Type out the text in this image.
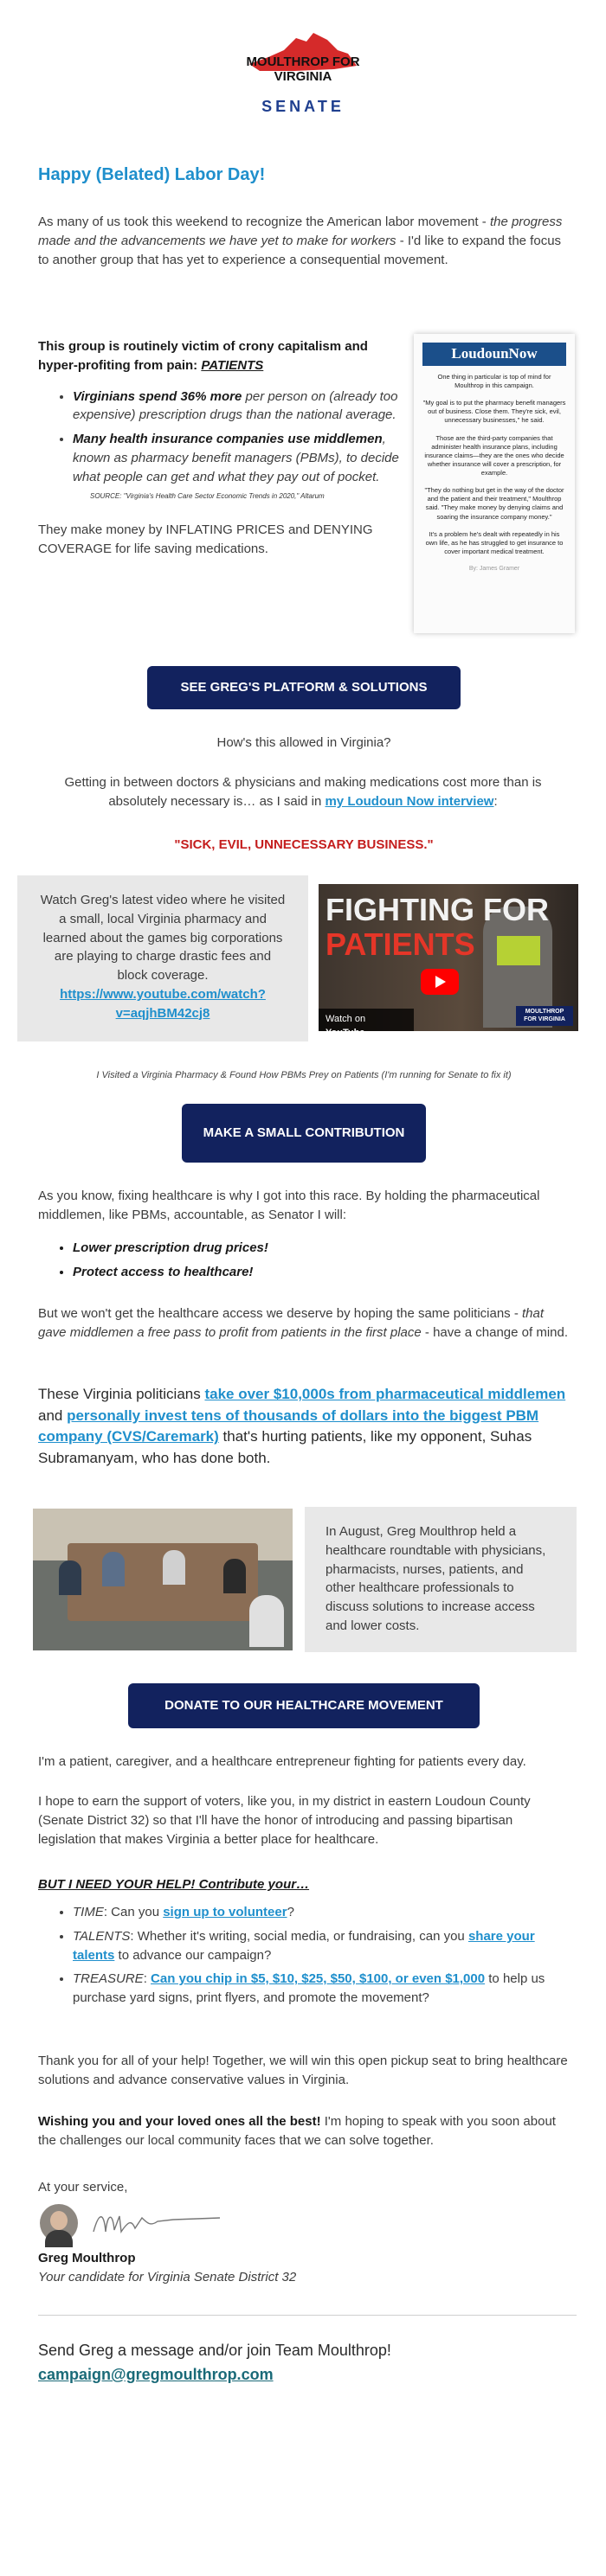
MOULTHROP FOR
VIRGINIA
SENATE
Happy (Belated) Labor Day!
As many of us took this weekend to recognize the American labor movement - the progress made and the advancements we have yet to make for workers - I'd like to expand the focus to another group that has yet to experience a consequential movement.
This group is routinely victim of crony capitalism and hyper-profiting from pain: PATIENTS
• Virginians spend 36% more per person on (already too expensive) prescription drugs than the national average.
• Many health insurance companies use middlemen, known as pharmacy benefit managers (PBMs), to decide what people can get and what they pay out of pocket.
SOURCE: "Virginia's Health Care Sector Economic Trends in 2020," Altarum
They make money by INFLATING PRICES and DENYING COVERAGE for life saving medications.
LoudounNow
One thing in particular is top of mind for Moulthrop in this campaign.
"My goal is to put the pharmacy benefit managers out of business. Close them. They're sick, evil, unnecessary businesses," he said.
Those are the third-party companies that administer health insurance plans, including insurance claims—they are the ones who decide whether insurance will cover a prescription, for example.
"They do nothing but get in the way of the doctor and the patient and their treatment," Moulthrop said. "They make money by denying claims and soaring the insurance company money."
It's a problem he's dealt with repeatedly in his own life, as he has struggled to get insurance to cover important medical treatment.
By: James Gramer
SEE GREG'S PLATFORM & SOLUTIONS
How's this allowed in Virginia?
Getting in between doctors & physicians and making medications cost more than is absolutely necessary is… as I said in my Loudoun Now interview:
"SICK, EVIL, UNNECESSARY BUSINESS."
Watch Greg's latest video where he visited a small, local Virginia pharmacy and learned about the games big corporations are playing to charge drastic fees and block coverage.
https://www.youtube.com/watch?v=aqjhBM42cj8
FIGHTING FOR
PATIENTS
Watch on YouTube
MOULTHROP FOR VIRGINIA
I Visited a Virginia Pharmacy & Found How PBMs Prey on Patients (I'm running for Senate to fix it)
MAKE A SMALL CONTRIBUTION
As you know, fixing healthcare is why I got into this race. By holding the pharmaceutical middlemen, like PBMs, accountable, as Senator I will:
• Lower prescription drug prices!
• Protect access to healthcare!
But we won't get the healthcare access we deserve by hoping the same politicians - that gave middlemen a free pass to profit from patients in the first place - have a change of mind.
These Virginia politicians take over $10,000s from pharmaceutical middlemen and personally invest tens of thousands of dollars into the biggest PBM company (CVS/Caremark) that's hurting patients, like my opponent, Suhas Subramanyam, who has done both.
In August, Greg Moulthrop held a healthcare roundtable with physicians, pharmacists, nurses, patients, and other healthcare professionals to discuss solutions to increase access and lower costs.
DONATE TO OUR HEALTHCARE MOVEMENT
I'm a patient, caregiver, and a healthcare entrepreneur fighting for patients every day.
I hope to earn the support of voters, like you, in my district in eastern Loudoun County (Senate District 32) so that I'll have the honor of introducing and passing bipartisan legislation that makes Virginia a better place for healthcare.
BUT I NEED YOUR HELP! Contribute your…
• TIME: Can you sign up to volunteer?
• TALENTS: Whether it's writing, social media, or fundraising, can you share your talents to advance our campaign?
• TREASURE: Can you chip in $5, $10, $25, $50, $100, or even $1,000 to help us purchase yard signs, print flyers, and promote the movement?
Thank you for all of your help! Together, we will win this open pickup seat to bring healthcare solutions and advance conservative values in Virginia.
Wishing you and your loved ones all the best! I'm hoping to speak with you soon about the challenges our local community faces that we can solve together.
At your service,
Greg Moulthrop
Your candidate for Virginia Senate District 32
Send Greg a message and/or join Team Moulthrop!
campaign@gregmoulthrop.com
